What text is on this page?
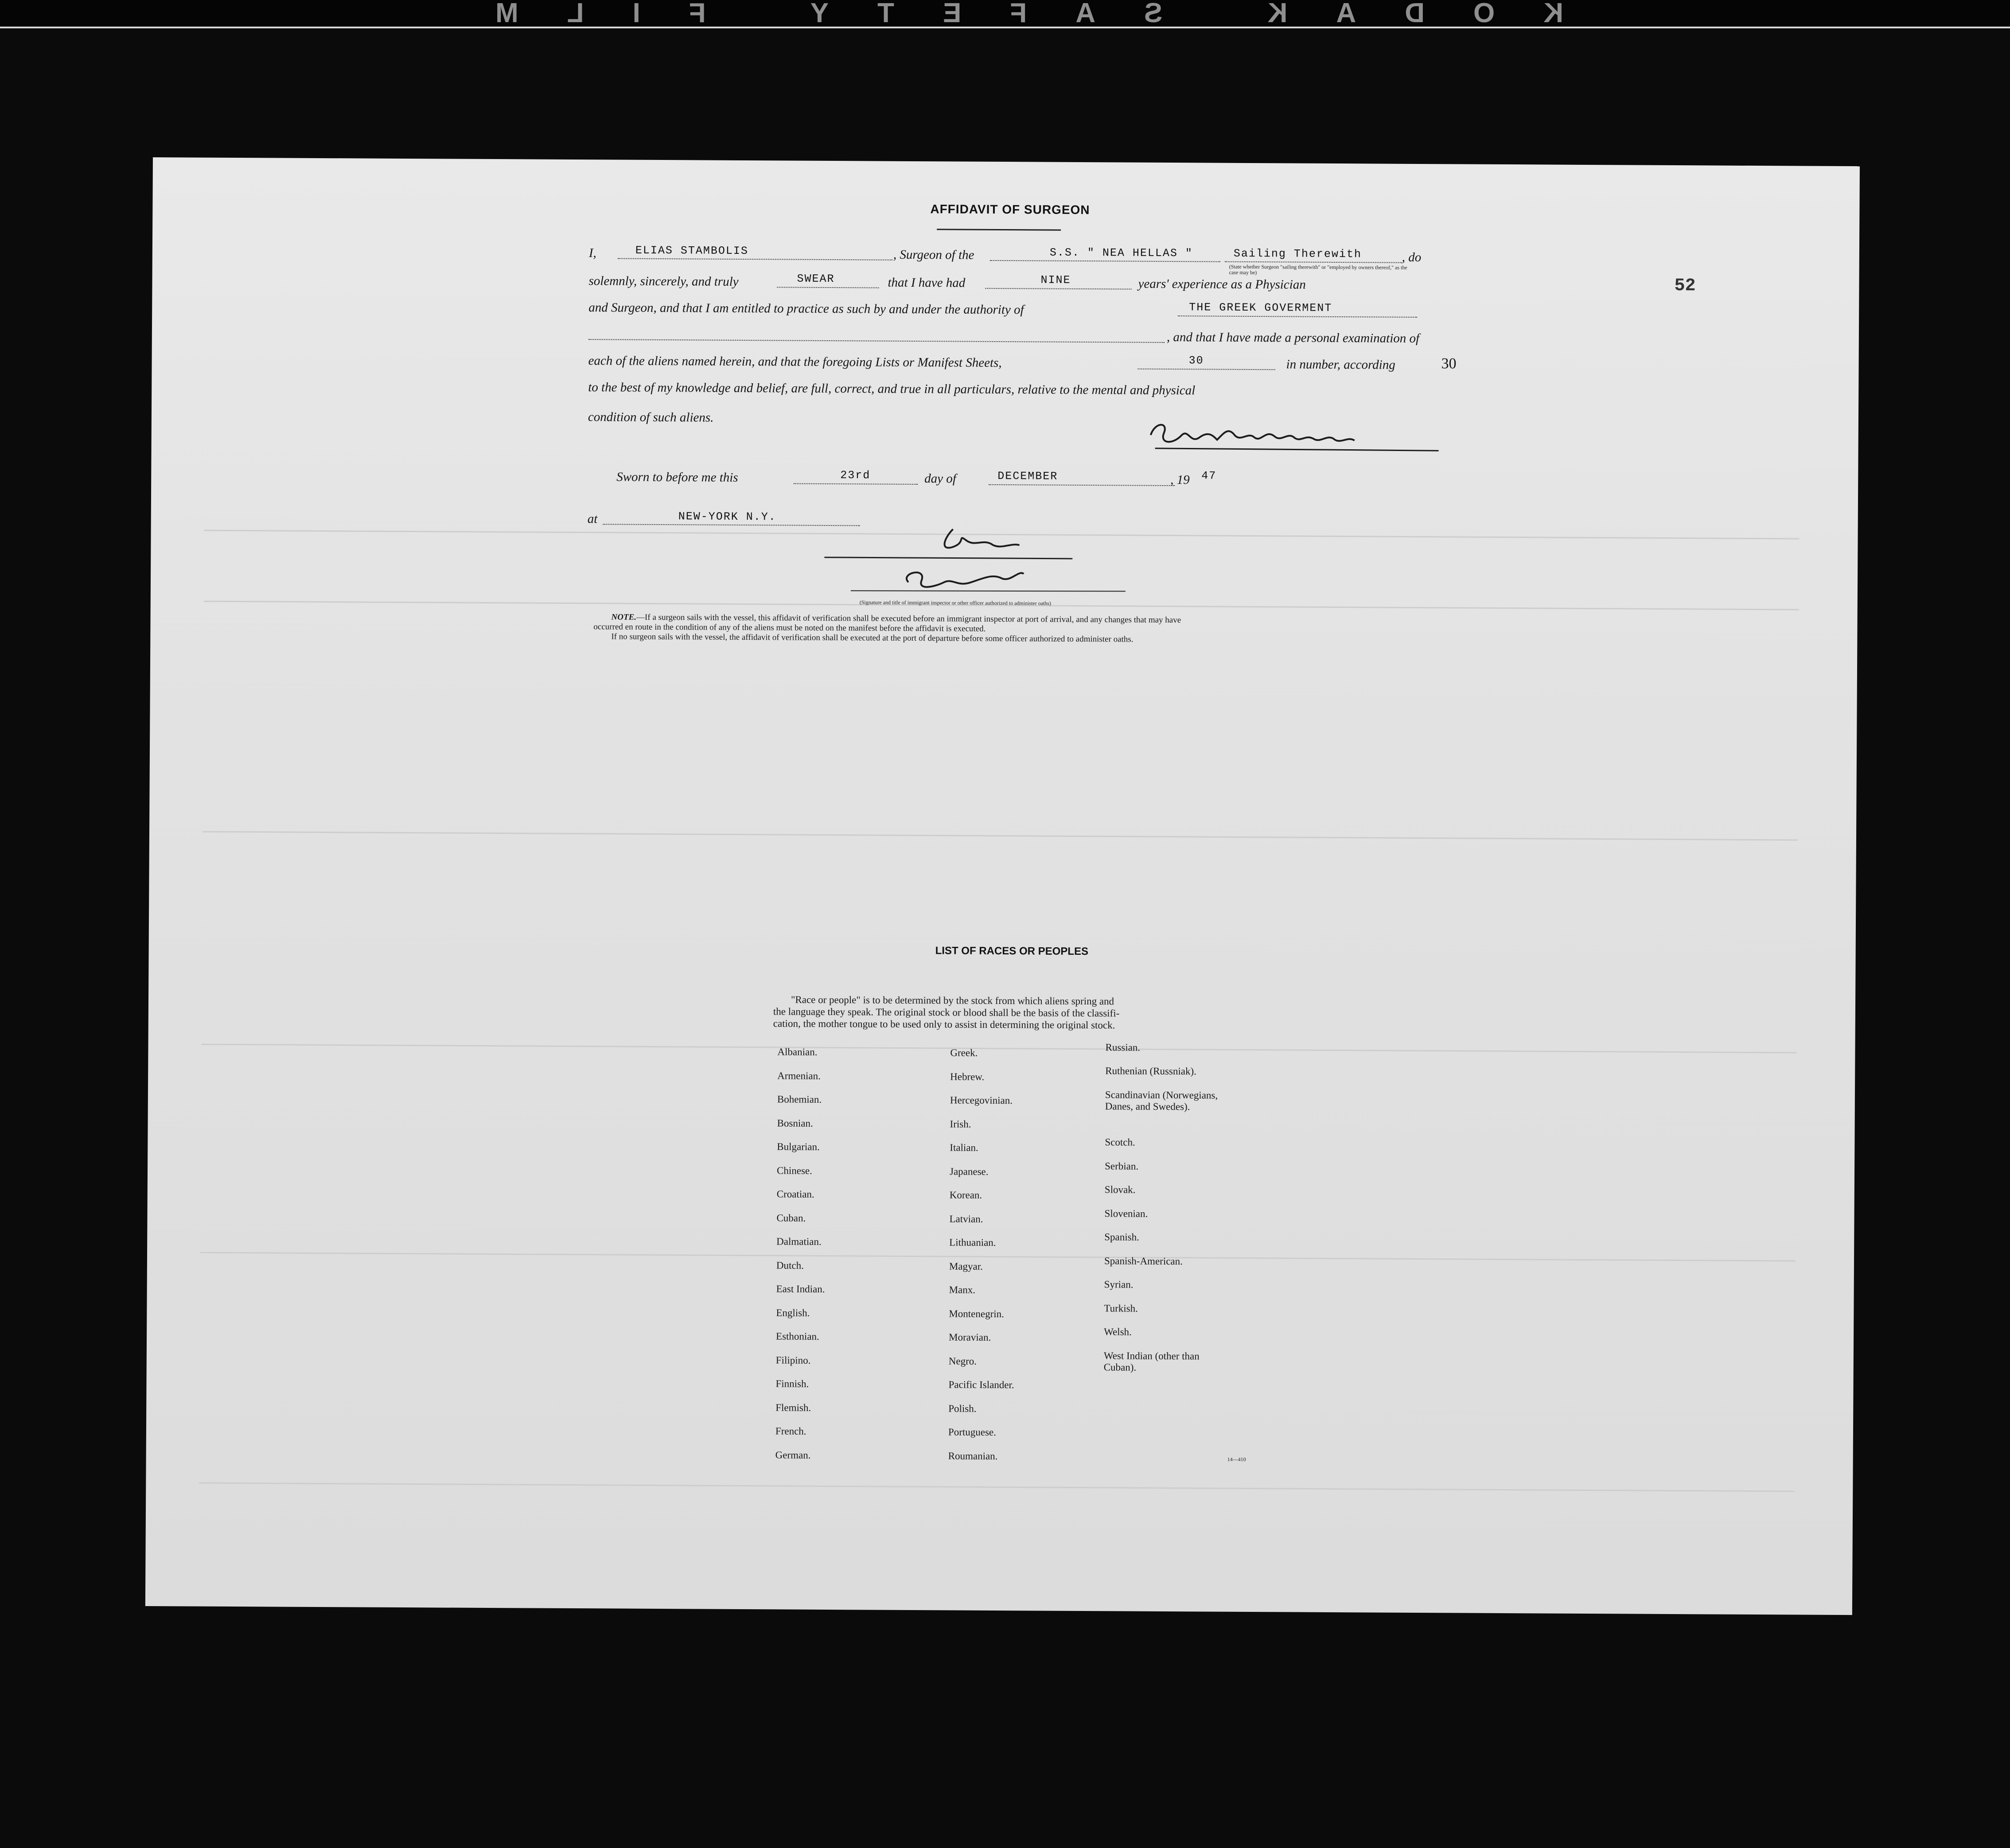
KODAK SAFETY FILM
52
AFFIDAVIT OF SURGEON
I,	ELIAS STAMBOLIS	, Surgeon of the	S.S. " NEA HELLAS "	Sailing Therewith	, do
(State whether Surgeon "sailing therewith" or "employed by owners thereof," as the case may be)
solemnly, sincerely, and truly	SWEAR	that I have had	NINE	years' experience as a Physician
and Surgeon, and that I am entitled to practice as such by and under the authority of	THE GREEK GOVERMENT
, and that I have made a personal examination of
each of the aliens named herein, and that the foregoing Lists or Manifest Sheets,	30	in number, according	30
to the best of my knowledge and belief, are full, correct, and true in all particulars, relative to the mental and physical
condition of such aliens.
Sworn to before me this	23rd	day of	DECEMBER	, 19 47
at	NEW-YORK N.Y.
(Signature and title of immigrant inspector or other officer authorized to administer oaths)
NOTE.—If a surgeon sails with the vessel, this affidavit of verification shall be executed before an immigrant inspector at port of arrival, and any changes that may have
occurred en route in the condition of any of the aliens must be noted on the manifest before the affidavit is executed.
If no surgeon sails with the vessel, the affidavit of verification shall be executed at the port of departure before some officer authorized to administer oaths.
LIST OF RACES OR PEOPLES
"Race or people" is to be determined by the stock from which aliens spring and
the language they speak. The original stock or blood shall be the basis of the classifi-
cation, the mother tongue to be used only to assist in determining the original stock.
Albanian.
Armenian.
Bohemian.
Bosnian.
Bulgarian.
Chinese.
Croatian.
Cuban.
Dalmatian.
Dutch.
East Indian.
English.
Esthonian.
Filipino.
Finnish.
Flemish.
French.
German.
Greek.
Hebrew.
Hercegovinian.
Irish.
Italian.
Japanese.
Korean.
Latvian.
Lithuanian.
Magyar.
Manx.
Montenegrin.
Moravian.
Negro.
Pacific Islander.
Polish.
Portuguese.
Roumanian.
Russian.
Ruthenian (Russniak).
Scandinavian (Norwegians,
Danes, and Swedes).
Scotch.
Serbian.
Slovak.
Slovenian.
Spanish.
Spanish-American.
Syrian.
Turkish.
Welsh.
West Indian (other than
Cuban).
14—410
